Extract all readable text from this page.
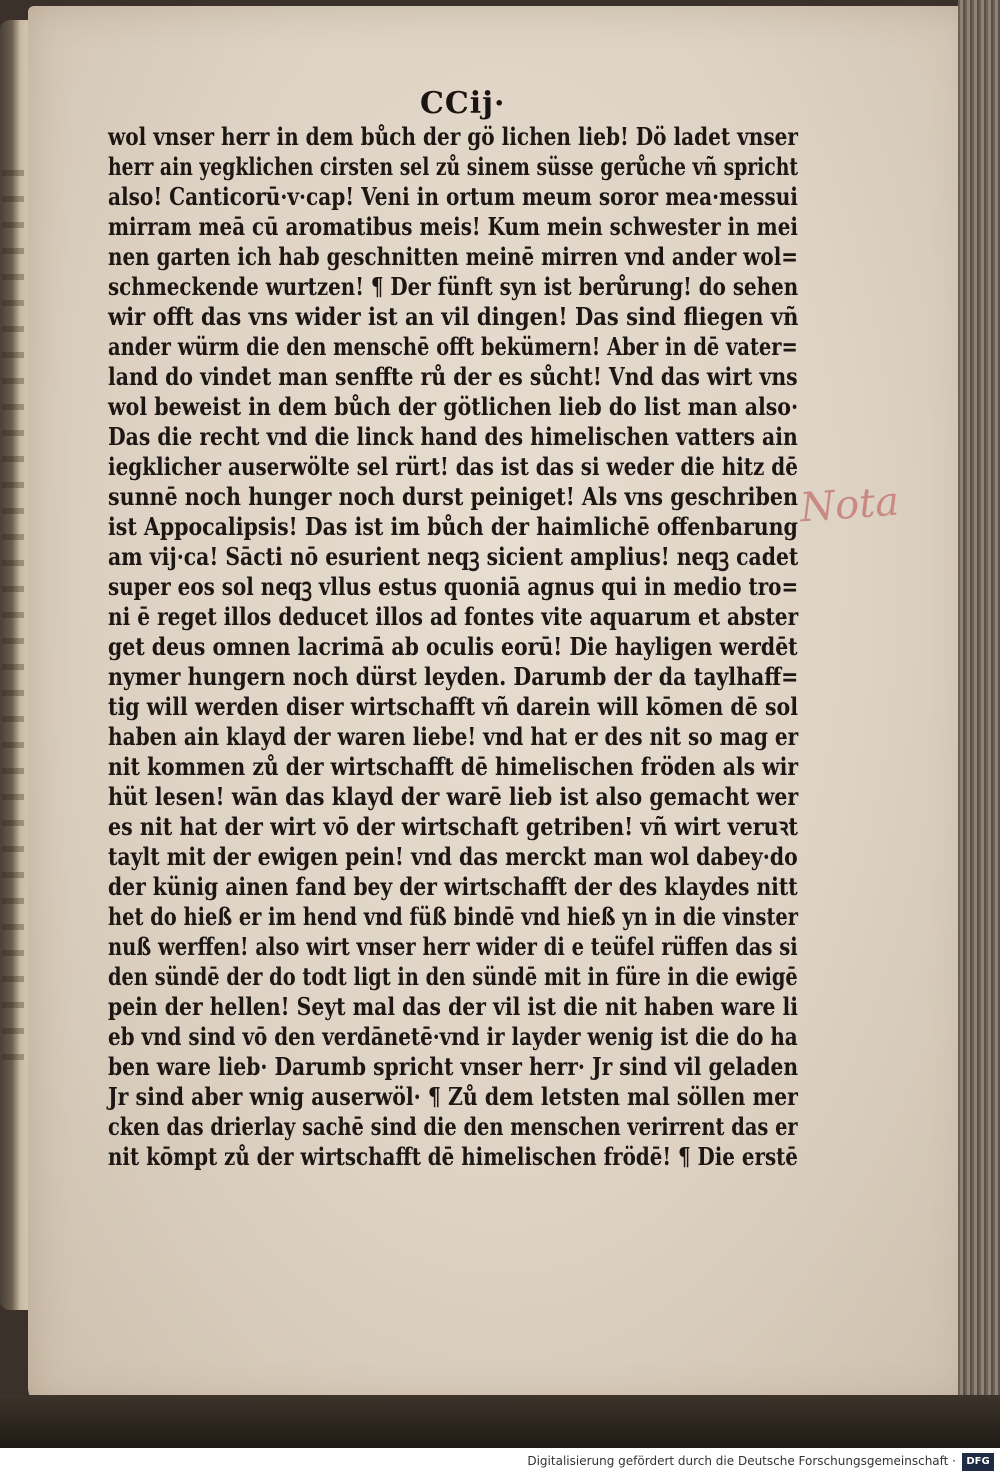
CCij·
wol vnser herr in dem bůch der gö lichen lieb! Dö ladet vnser
herr ain yegklichen cirsten sel zů sinem süsse gerůche vñ spricht
also! Canticorū·v·cap! Veni in ortum meum soror mea·messui
mirram meā cū aromatibus meis! Kum mein schwester in mei
nen garten ich hab geschnitten meinē mirren vnd ander wol=
schmeckende wurtzen! ¶ Der fünft syn ist berůrung! do sehen
wir offt das vns wider ist an vil dingen! Das sind fliegen vñ
ander würm die den menschē offt bekümern! Aber in dē vater=
land do vindet man senffte rů der es sůcht! Vnd das wirt vns
wol beweist in dem bůch der götlichen lieb do list man also·
Das die recht vnd die linck hand des himelischen vatters ain
iegklicher auserwölte sel rürt! das ist das si weder die hitz dē
sunnē noch hunger noch durst peiniget! Als vns geschriben
ist Appocalipsis! Das ist im bůch der haimlichē offenbarung
am vij·ca! Sācti nō esurient neqꝫ sicient amplius! neqꝫ cadet
super eos sol neqꝫ vllus estus quoniā agnus qui in medio tro=
ni ē reget illos deducet illos ad fontes vite aquarum et abster
get deus omnen lacrimā ab oculis eorū! Die hayligen werdēt
nymer hungern noch dürst leyden. Darumb der da taylhaff=
tig will werden diser wirtschafft vñ darein will kōmen dē sol
haben ain klayd der waren liebe! vnd hat er des nit so mag er
nit kommen zů der wirtschafft dē himelischen fröden als wir
hüt lesen! wān das klayd der warē lieb ist also gemacht wer
es nit hat der wirt vō der wirtschaft getriben! vñ wirt veruꝛt
taylt mit der ewigen pein! vnd das merckt man wol dabey·do
der künig ainen fand bey der wirtschafft der des klaydes nitt
het do hieß er im hend vnd füß bindē vnd hieß yn in die vinster
nuß werffen! also wirt vnser herr wider di e teüfel rüffen das si
den sündē der do todt ligt in den sündē mit in füre in die ewigē
pein der hellen! Seyt mal das der vil ist die nit haben ware li
eb vnd sind vō den verdānetē·vnd ir layder wenig ist die do ha
ben ware lieb· Darumb spricht vnser herr· Jr sind vil geladen
Jr sind aber wnig auserwöl· ¶ Zů dem letsten mal söllen mer
cken das drierlay sachē sind die den menschen verirrent das er
nit kōmpt zů der wirtschafft dē himelischen frödē! ¶ Die erstē
Nota
Digitalisierung gefördert durch die Deutsche Forschungsgemeinschaft ·	DFG
